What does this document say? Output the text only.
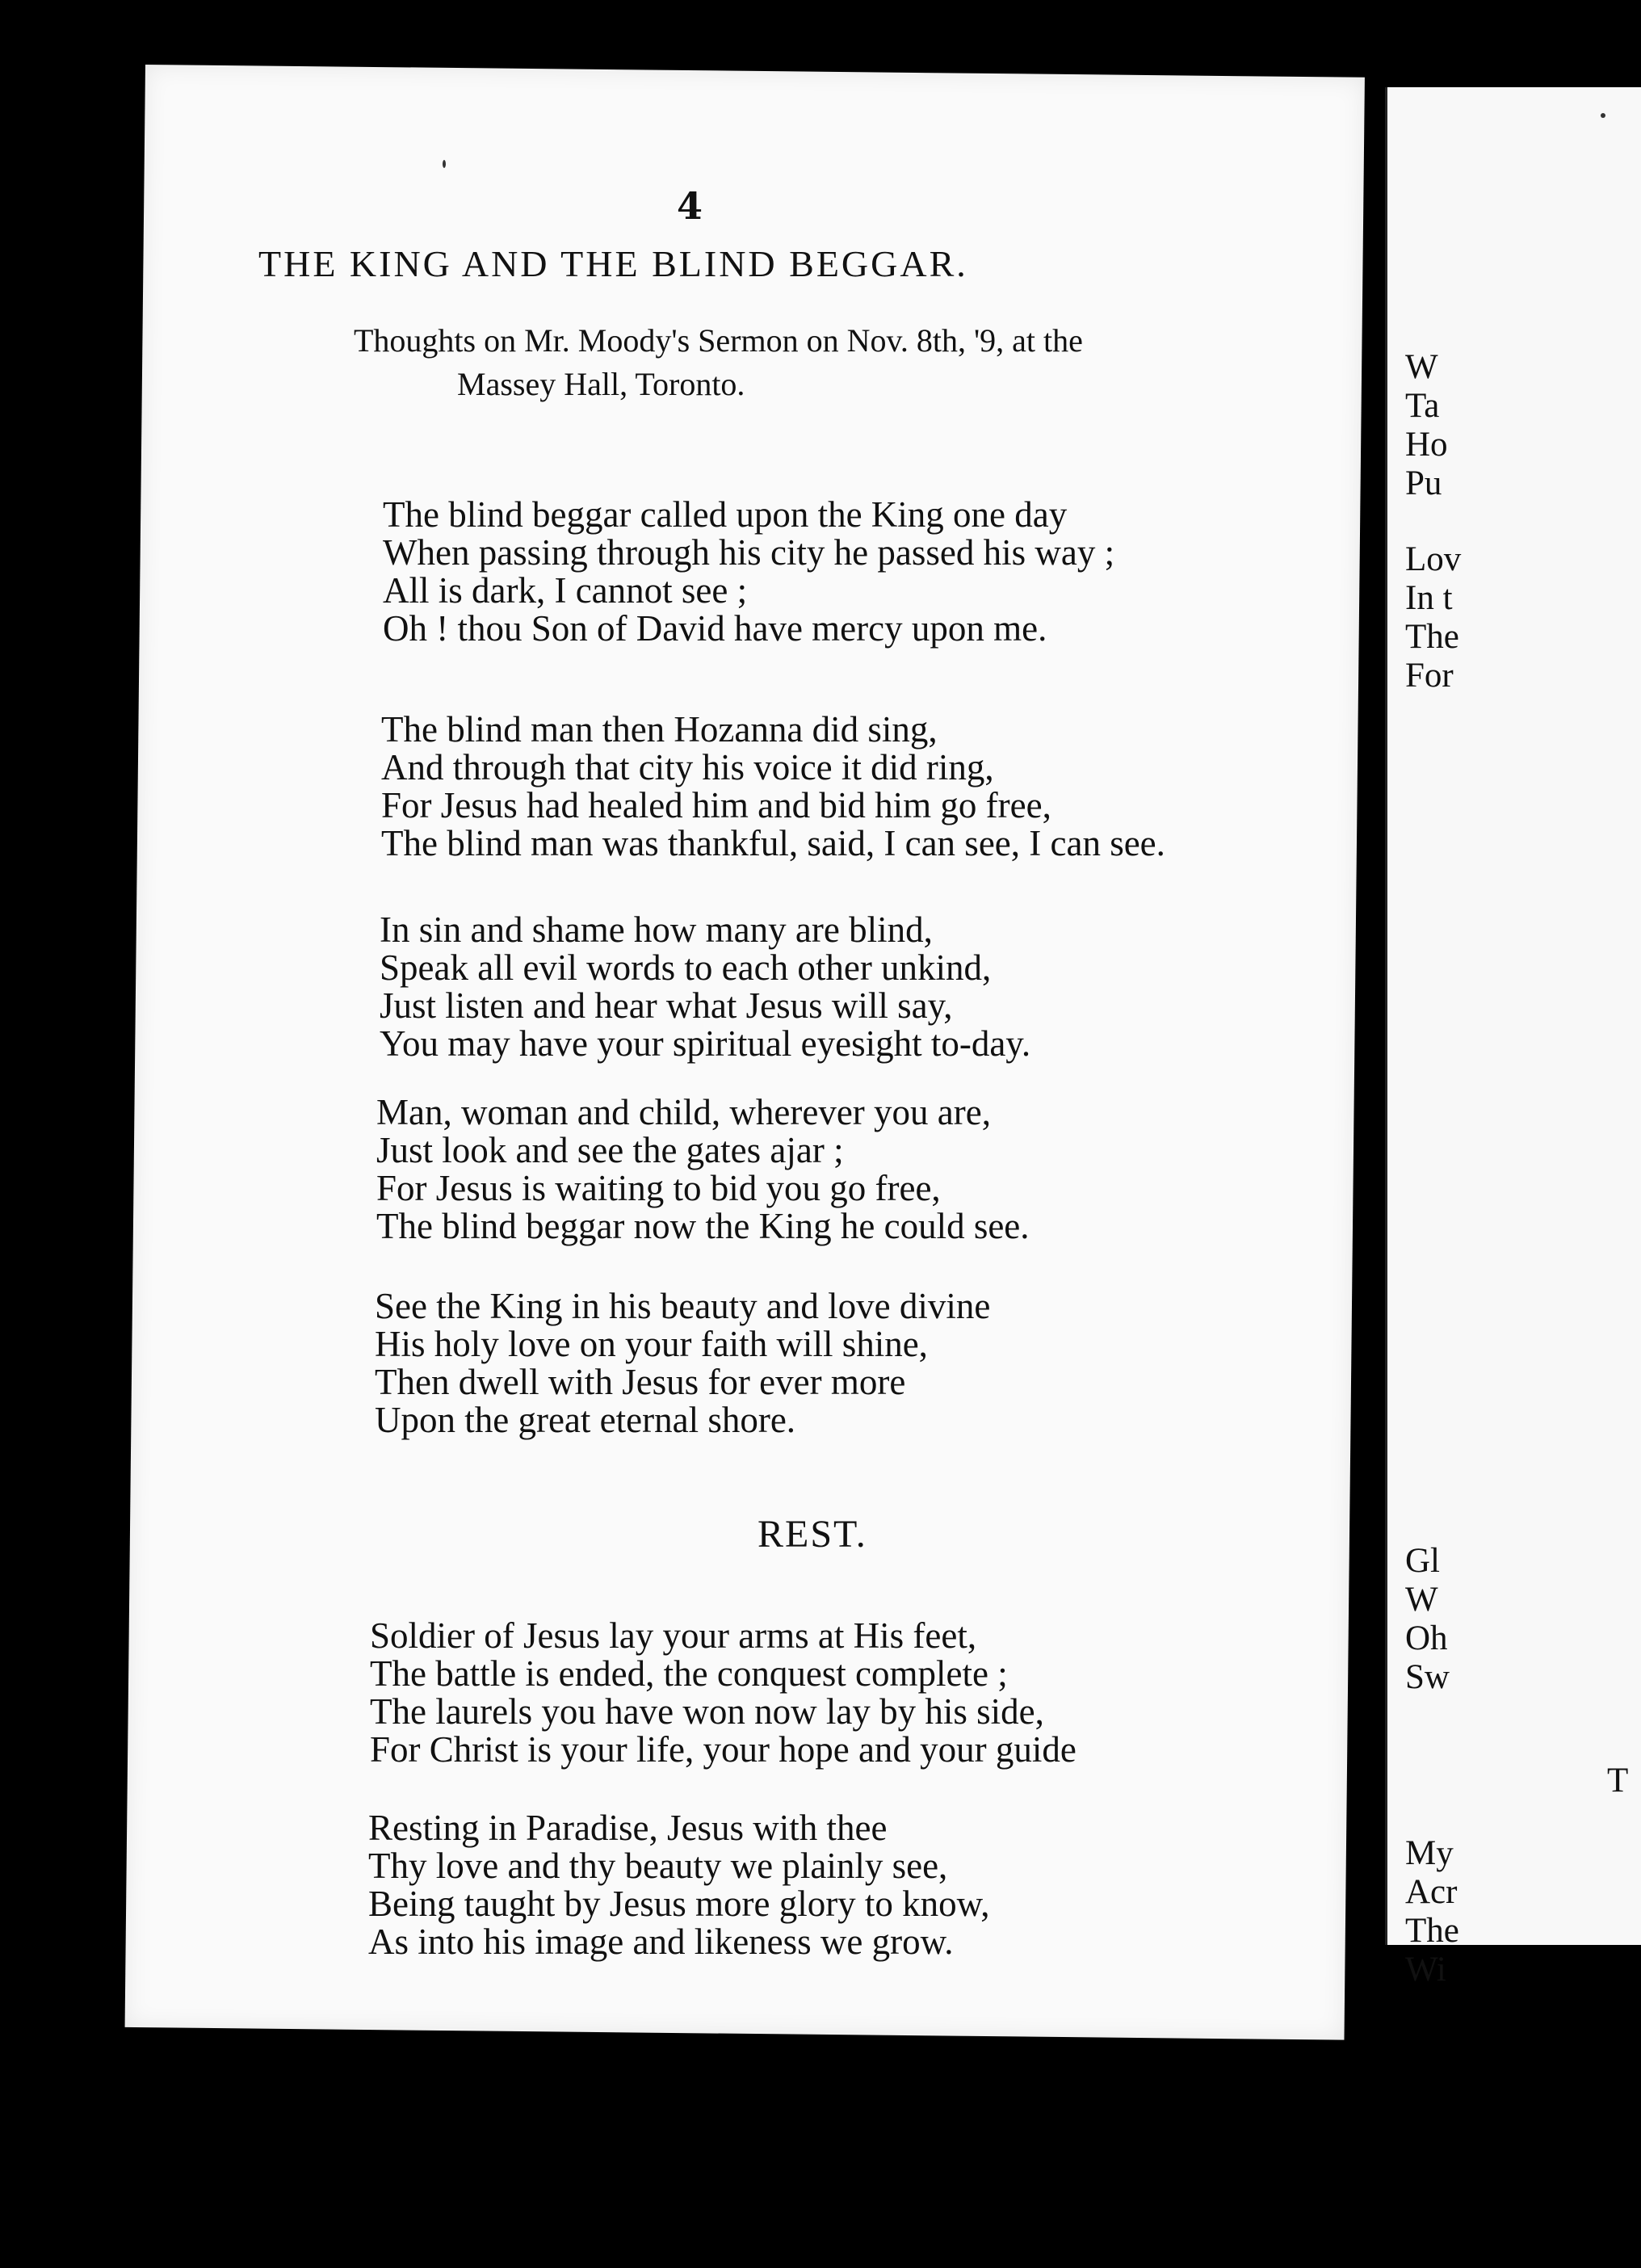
W
Ta
Ho
Pu
Lov
In t
The
For
Gl
W
Oh
Sw
T
My
Acr
The
Wi
4
THE KING AND THE BLIND BEGGAR.
Thoughts on Mr. Moody's Sermon on Nov. 8th, '9, at the
Massey Hall, Toronto.
The blind beggar called upon the King one day
When passing through his city he passed his way ;
All is dark, I cannot see ;
Oh ! thou Son of David have mercy upon me.
The blind man then Hozanna did sing,
And through that city his voice it did ring,
For Jesus had healed him and bid him go free,
The blind man was thankful, said, I can see, I can see.
In sin and shame how many are blind,
Speak all evil words to each other unkind,
Just listen and hear what Jesus will say,
You may have your spiritual eyesight to-day.
Man, woman and child, wherever you are,
Just look and see the gates ajar ;
For Jesus is waiting to bid you go free,
The blind beggar now the King he could see.
See the King in his beauty and love divine
His holy love on your faith will shine,
Then dwell with Jesus for ever more
Upon the great eternal shore.
REST.
Soldier of Jesus lay your arms at His feet,
The battle is ended, the conquest complete ;
The laurels you have won now lay by his side,
For Christ is your life, your hope and your guide
Resting in Paradise, Jesus with thee
Thy love and thy beauty we plainly see,
Being taught by Jesus more glory to know,
As into his image and likeness we grow.
